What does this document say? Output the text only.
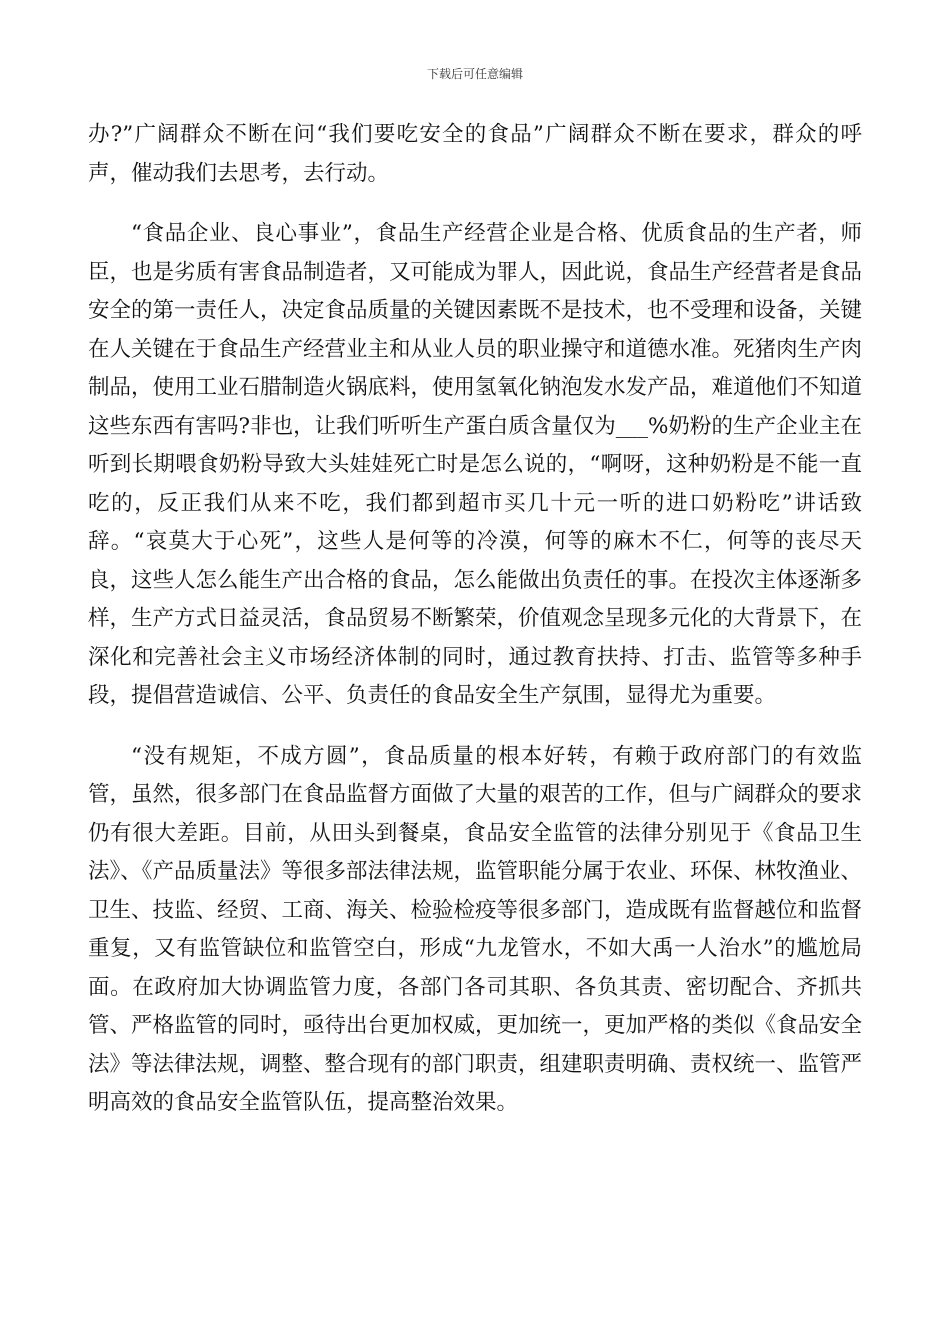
下载后可任意编辑

办?”广阔群众不断在问“我们要吃安全的食品”广阔群众不断在要求，群众的呼声，催动我们去思考，去行动。

“食品企业、良心事业”，食品生产经营企业是合格、优质食品的生产者，师臣，也是劣质有害食品制造者，又可能成为罪人，因此说，食品生产经营者是食品安全的第一责任人，决定食品质量的关键因素既不是技术，也不受理和设备，关键在人关键在于食品生产经营业主和从业人员的职业操守和道德水准。死猪肉生产肉制品，使用工业石腊制造火锅底料，使用氢氧化钠泡发水发产品，难道他们不知道这些东西有害吗?非也，让我们听听生产蛋白质含量仅为___%奶粉的生产企业主在听到长期喂食奶粉导致大头娃娃死亡时是怎么说的，“啊呀，这种奶粉是不能一直吃的，反正我们从来不吃，我们都到超市买几十元一听的进口奶粉吃”讲话致辞。“哀莫大于心死”，这些人是何等的冷漠，何等的麻木不仁，何等的丧尽天良，这些人怎么能生产出合格的食品，怎么能做出负责任的事。在投次主体逐渐多样，生产方式日益灵活，食品贸易不断繁荣，价值观念呈现多元化的大背景下，在深化和完善社会主义市场经济体制的同时，通过教育扶持、打击、监管等多种手段，提倡营造诚信、公平、负责任的食品安全生产氛围，显得尤为重要。

“没有规矩，不成方圆”，食品质量的根本好转，有赖于政府部门的有效监管，虽然，很多部门在食品监督方面做了大量的艰苦的工作，但与广阔群众的要求仍有很大差距。目前，从田头到餐桌，食品安全监管的法律分别见于《食品卫生法》、《产品质量法》等很多部法律法规，监管职能分属于农业、环保、林牧渔业、卫生、技监、经贸、工商、海关、检验检疫等很多部门，造成既有监督越位和监督重复，又有监管缺位和监管空白，形成“九龙管水，不如大禹一人治水”的尴尬局面。在政府加大协调监管力度，各部门各司其职、各负其责、密切配合、齐抓共管、严格监管的同时，亟待出台更加权威，更加统一，更加严格的类似《食品安全法》等法律法规，调整、整合现有的部门职责，组建职责明确、责权统一、监管严明高效的食品安全监管队伍，提高整治效果。
